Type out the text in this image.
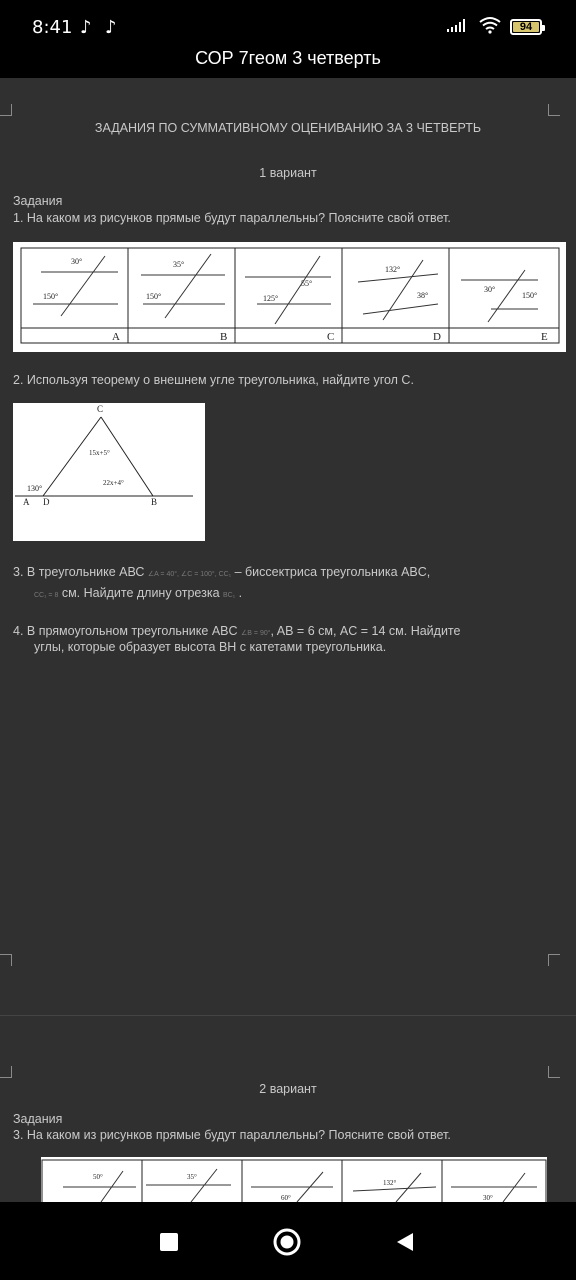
8:41 ♪ ♪	94
СОР 7геом 3 четверть
ЗАДАНИЯ ПО СУММАТИВНОМУ ОЦЕНИВАНИЮ ЗА 3 ЧЕТВЕРТЬ
1 вариант
Задания
1. На каком из рисунков прямые будут параллельны? Поясните свой ответ.
30°
150°
A
35°
150°
B
55°
125°
C
132°
38°
D
30°
150°
E
2. Используя теорему о внешнем угле треугольника, найдите угол C.
C
15x+5°
22x+4°
130°
A D	B
3. В треугольнике АВС ∠A = 40°, ∠C = 100°, CC₁ – биссектриса треугольника ABC,
CC₁ = 8 см. Найдите длину отрезка BC₁ .
4. В прямоугольном треугольнике ABC ∠B = 90°, AB = 6 см, AC = 14 см. Найдите
углы, которые образует высота BH с катетами треугольника.
2 вариант
Задания
3. На каком из рисунков прямые будут параллельны? Поясните свой ответ.
50°	35°
60°
132°
30°
